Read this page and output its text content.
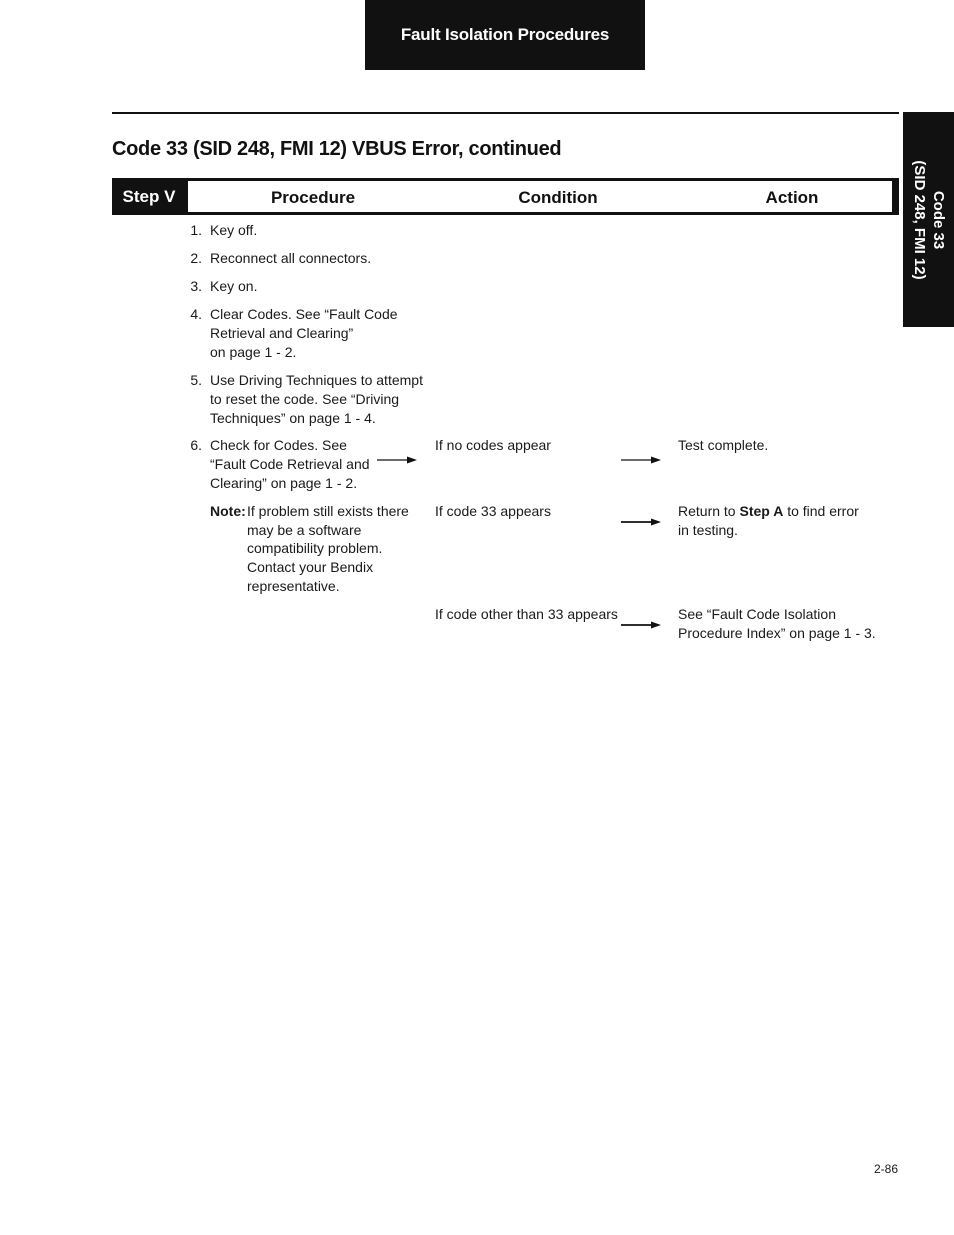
Fault Isolation Procedures
Code 33
(SID 248, FMI 12)
Code 33 (SID 248, FMI 12) VBUS Error, continued
Step V	Procedure	Condition	Action
1. Key off.
2. Reconnect all connectors.
3. Key on.
4. Clear Codes. See “Fault Code
Retrieval and Clearing”
on page 1 - 2.
5. Use Driving Techniques to attempt
to reset the code. See “Driving
Techniques” on page 1 - 4.
6. Check for Codes. See
“Fault Code Retrieval and
Clearing” on page 1 - 2.
Note: If problem still exists there
may be a software
compatibility problem.
Contact your Bendix
representative.
If no codes appear	Test complete.
If code 33 appears	Return to Step A to find error
in testing.
If code other than 33 appears	See “Fault Code Isolation
Procedure Index” on page 1 - 3.
2-86
